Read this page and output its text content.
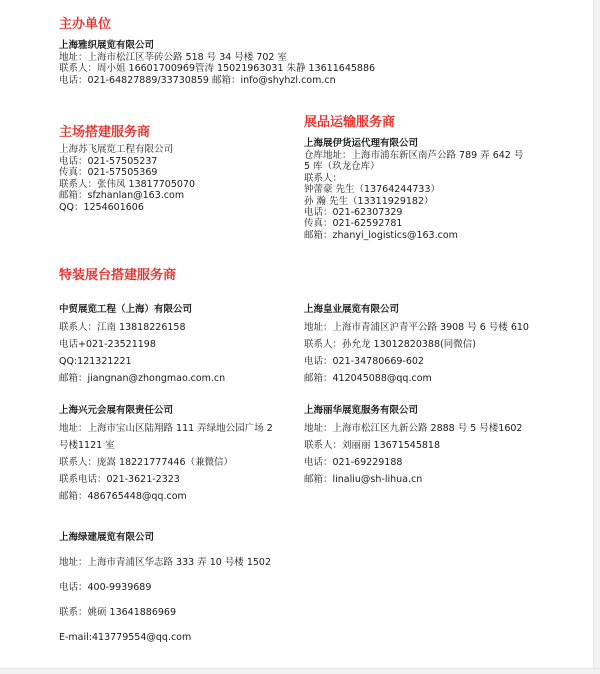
主办单位

上海雅织展览有限公司

地址：上海市松江区莘砖公路 518 号 34 号楼 702 室

联系人：周小姐 16601700969管涛 15021963031 朱静 13611645886

电话：021-64827889/33730859 邮箱：info@shyhzl.com.cn

主场搭建服务商

上海苏飞展览工程有限公司

电话：021-57505237

传真：021-57505369

联系人：张伟凤 13817705070

邮箱：sfzhanlan@163.com

QQ：1254601606

展品运输服务商

上海展伊货运代理有限公司

仓库地址：上海市浦东新区南芦公路 789 弄 642 号

5 库（玖龙仓库）

联系人：

钟蕾豪 先生（13764244733）

孙 瀚 先生（13311929182）

电话：021-62307329

传真：021-62592781

邮箱：zhanyi_logistics@163.com

特装展台搭建服务商

中贸展览工程（上海）有限公司

联系人：江南 13818226158

电话+021-23521198

QQ:121321221

邮箱：jiangnan@zhongmao.com.cn

上海皇业展览有限公司

地址：上海市青浦区沪青平公路 3908 号 6 号楼 610

联系人：孙允龙 13012820388(同微信)

电话：021-34780669-602

邮箱：412045088@qq.com

上海兴元会展有限责任公司

地址：上海市宝山区陆翔路 111 弄绿地公园广场 2

号楼1121 室

联系人：庞嵩 18221777446（兼微信）

联系电话：021-3621-2323

邮箱：486765448@qq.com

上海丽华展览服务有限公司

地址：上海市松江区九新公路 2888 号 5 号楼1602

联系人：刘丽丽 13671545818

电话：021-69229188

邮箱：linaliu@sh-lihua.cn

上海绿建展览有限公司

地址：上海市青浦区华志路 333 弄 10 号楼 1502

电话：400-9939689

联系：姚硕 13641886969

E-mail:413779554@qq.com
